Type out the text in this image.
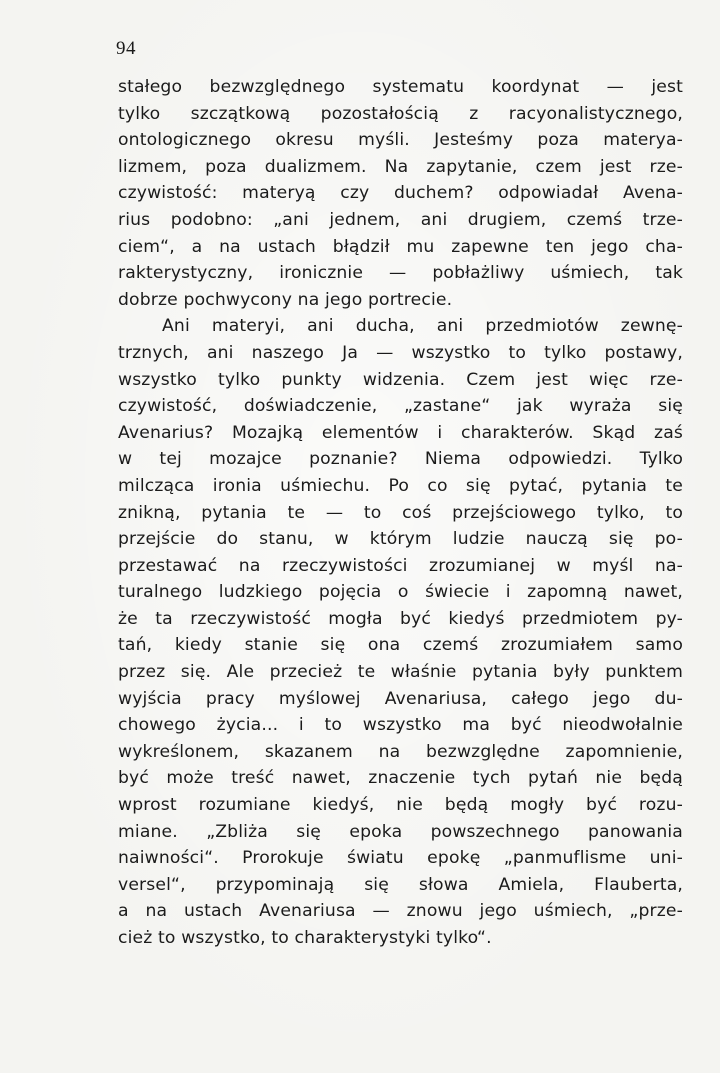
94
stałego bezwzględnego systematu koordynat — jest
tylko szczątkową pozostałością z racyonalistycznego,
ontologicznego okresu myśli. Jesteśmy poza materya-
lizmem, poza dualizmem. Na zapytanie, czem jest rze-
czywistość: materyą czy duchem? odpowiadał Avena-
rius podobno: „ani jednem, ani drugiem, czemś trze-
ciem“, a na ustach błądził mu zapewne ten jego cha-
rakterystyczny, ironicznie — pobłażliwy uśmiech, tak
dobrze pochwycony na jego portrecie.
Ani materyi, ani ducha, ani przedmiotów zewnę-
trznych, ani naszego Ja — wszystko to tylko postawy,
wszystko tylko punkty widzenia. Czem jest więc rze-
czywistość, doświadczenie, „zastane“ jak wyraża się
Avenarius? Mozajką elementów i charakterów. Skąd zaś
w tej mozajce poznanie? Niema odpowiedzi. Tylko
milcząca ironia uśmiechu. Po co się pytać, pytania te
znikną, pytania te — to coś przejściowego tylko, to
przejście do stanu, w którym ludzie nauczą się po-
przestawać na rzeczywistości zrozumianej w myśl na-
turalnego ludzkiego pojęcia o świecie i zapomną nawet,
że ta rzeczywistość mogła być kiedyś przedmiotem py-
tań, kiedy stanie się ona czemś zrozumiałem samo
przez się. Ale przecież te właśnie pytania były punktem
wyjścia pracy myślowej Avenariusa, całego jego du-
chowego życia... i to wszystko ma być nieodwołalnie
wykreślonem, skazanem na bezwzględne zapomnienie,
być może treść nawet, znaczenie tych pytań nie będą
wprost rozumiane kiedyś, nie będą mogły być rozu-
miane. „Zbliża się epoka powszechnego panowania
naiwności“. Prorokuje światu epokę „panmuflisme uni-
versel“, przypominają się słowa Amiela, Flauberta,
a na ustach Avenariusa — znowu jego uśmiech, „prze-
cież to wszystko, to charakterystyki tylko“.
